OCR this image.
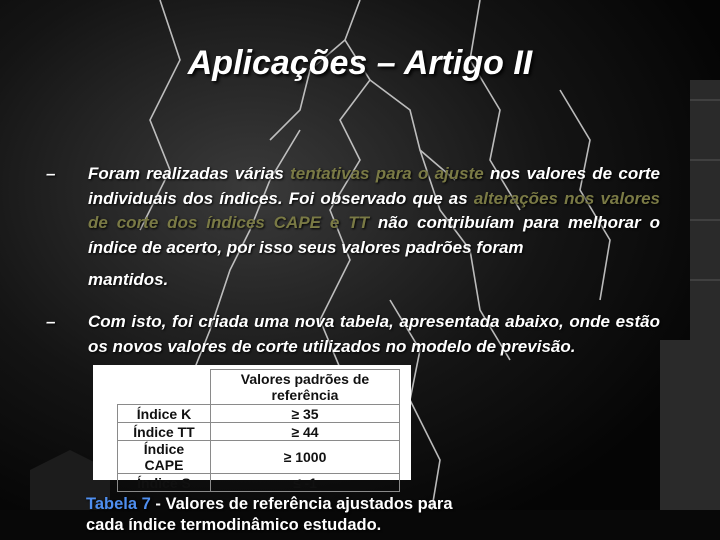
Aplicações – Artigo II
– Foram realizadas várias tentativas para o ajuste nos valores de corte individuais dos índices. Foi observado que as alterações nos valores de corte dos índices CAPE e TT não contribuíam para melhorar o índice de acerto, por isso seus valores padrões foram
mantidos.
– Com isto, foi criada uma nova tabela, apresentada abaixo, onde estão os novos valores de corte utilizados no modelo de previsão.
	Valores padrões de referência
Índice K	≥ 35
Índice TT	≥ 44
Índice CAPE	≥ 1000
Índice S	≤ -1
Tabela 7 - Valores de referência ajustados para cada índice termodinâmico estudado.
